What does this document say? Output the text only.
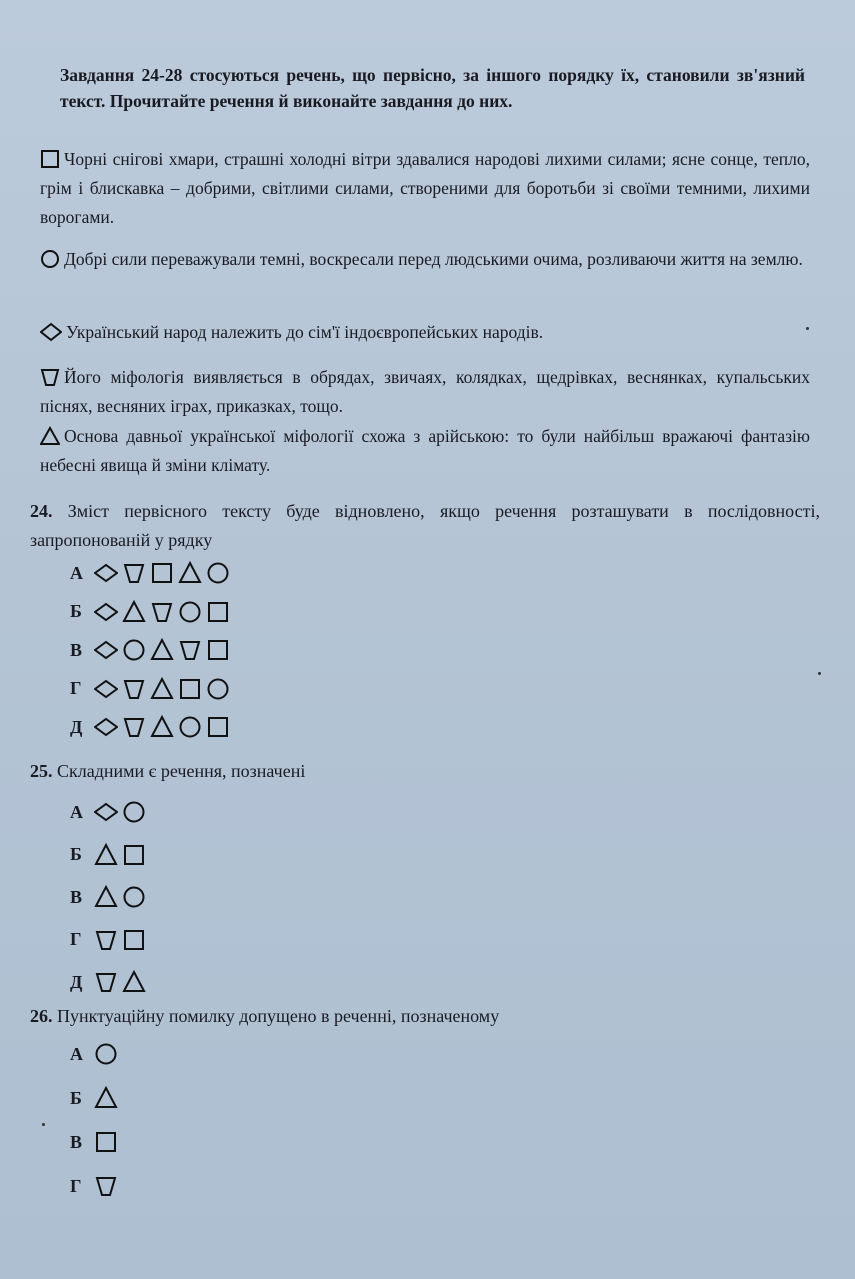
Завдання 24-28 стосуються речень, що первісно, за іншого порядку їх, становили зв'язний текст. Прочитайте речення й виконайте завдання до них.
Чорні снігові хмари, страшні холодні вітри здавалися народові лихими силами; ясне сонце, тепло, грім і блискавка – добрими, світлими силами, створеними для боротьби зі своїми темними, лихими ворогами.
Добрі сили переважували темні, воскресали перед людськими очима, розливаючи життя на землю.
Український народ належить до сім'ї індоєвропейських народів.
Його міфологія виявляється в обрядах, звичаях, колядках, щедрівках, веснянках, купальських піснях, весняних іграх, приказках, тощо.
Основа давньої української міфології схожа з арійською: то були найбільш вражаючі фантазію небесні явища й зміни клімату.
24. Зміст первісного тексту буде відновлено, якщо речення розташувати в послідовності, запропонованій у рядку
А
Б
В
Г
Д
25. Складними є речення, позначені
А
Б
В
Г
Д
26. Пунктуаційну помилку допущено в реченні, позначеному
А
Б
В
Г
